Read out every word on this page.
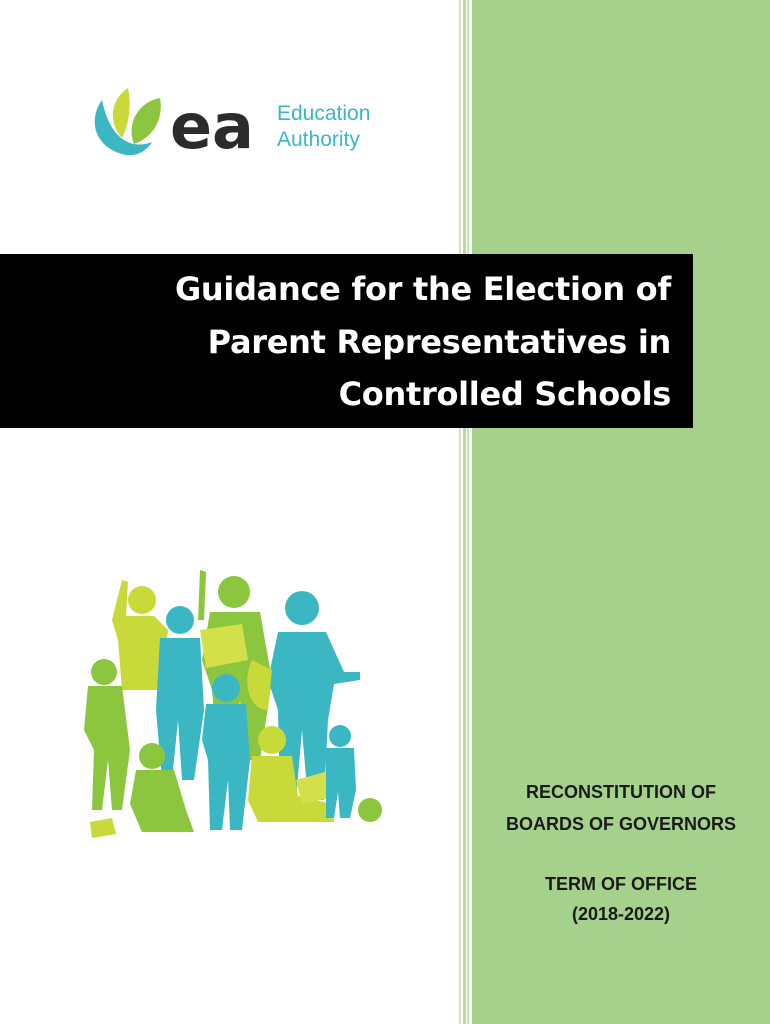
ea Education
Authority
Guidance for the Election of
Parent Representatives in
Controlled Schools
RECONSTITUTION OF
BOARDS OF GOVERNORS
TERM OF OFFICE
(2018-2022)
